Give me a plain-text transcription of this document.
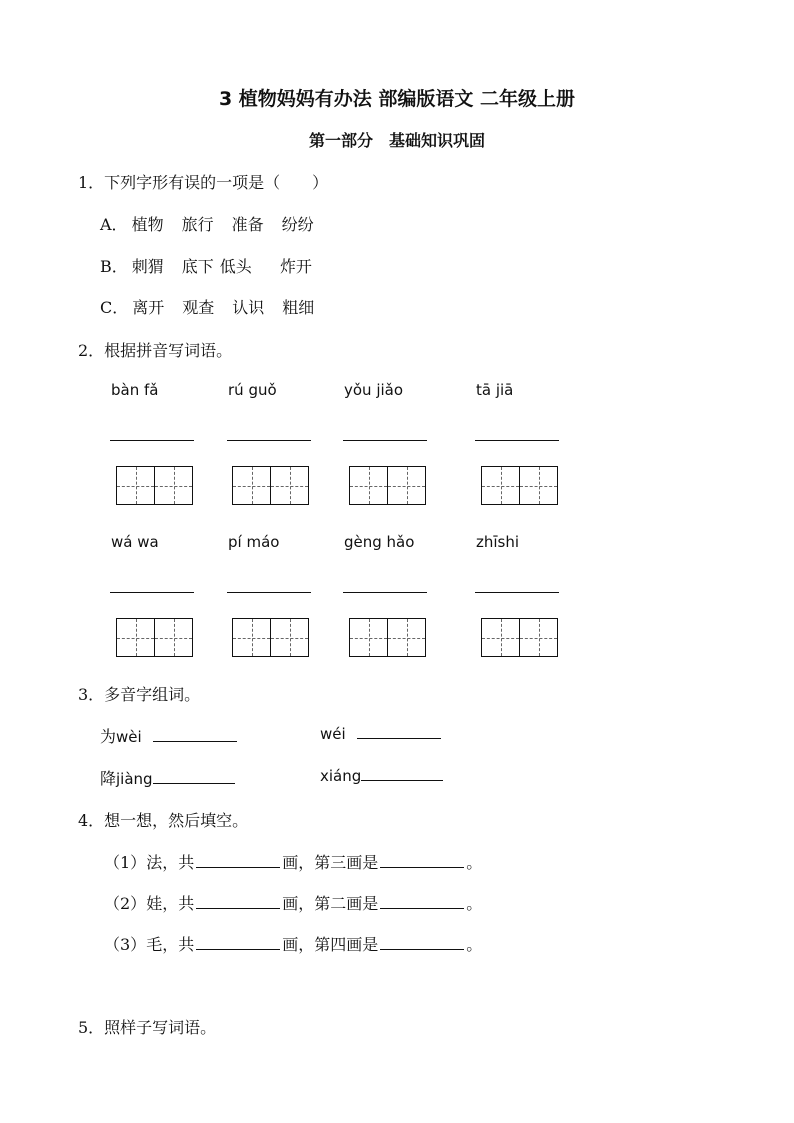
3 植物妈妈有办法 部编版语文 二年级上册
第一部分　基础知识巩固
1．下列字形有误的一项是（　　）
A． 植物 旅行 准备 纷纷
B． 刺猬 底下 低头 炸开
C． 离开 观查 认识 粗细
2．根据拼音写词语。
bàn fǎ	rú guǒ	yǒu jiǎo	tā jiā
wá wa	pí máo	gèng hǎo	zhīshi
3．多音字组词。
为wèi	wéi
降jiàng	xiáng
4．想一想，然后填空。
（1）法，共	画，第三画是	。
（2）娃，共	画，第二画是	。
（3）毛，共	画，第四画是	。
5．照样子写词语。
